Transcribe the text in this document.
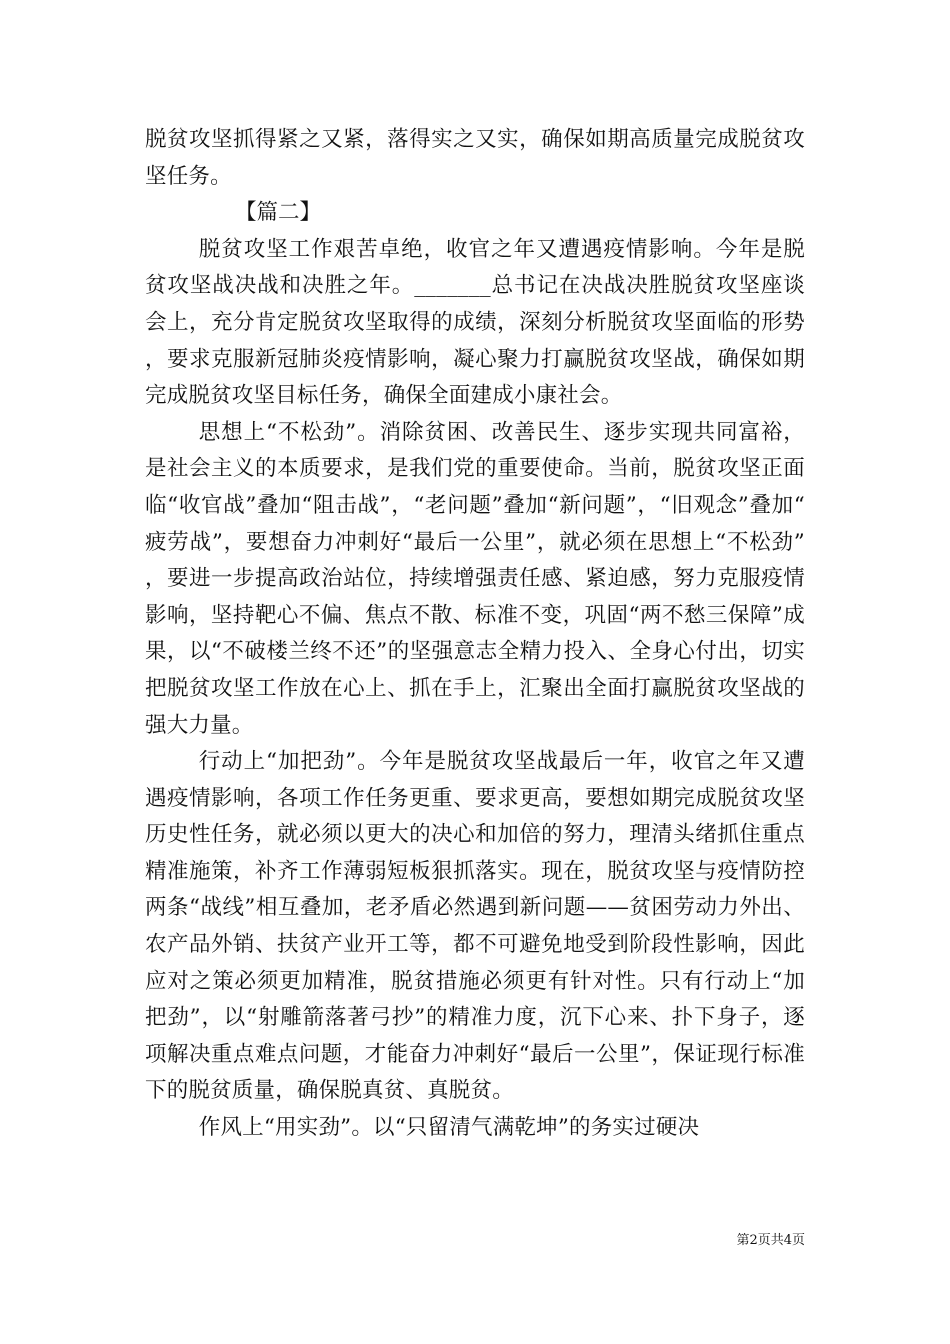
脱贫攻坚抓得紧之又紧，落得实之又实，确保如期高质量完成脱贫攻坚任务。

【篇二】

脱贫攻坚工作艰苦卓绝，收官之年又遭遇疫情影响。今年是脱贫攻坚战决战和决胜之年。_______总书记在决战决胜脱贫攻坚座谈会上，充分肯定脱贫攻坚取得的成绩，深刻分析脱贫攻坚面临的形势，要求克服新冠肺炎疫情影响，凝心聚力打赢脱贫攻坚战，确保如期完成脱贫攻坚目标任务，确保全面建成小康社会。

思想上“不松劲”。消除贫困、改善民生、逐步实现共同富裕，是社会主义的本质要求，是我们党的重要使命。当前，脱贫攻坚正面临“收官战”叠加“阻击战”，“老问题”叠加“新问题”，“旧观念”叠加“疲劳战”，要想奋力冲刺好“最后一公里”，就必须在思想上“不松劲”，要进一步提高政治站位，持续增强责任感、紧迫感，努力克服疫情影响，坚持靶心不偏、焦点不散、标准不变，巩固“两不愁三保障”成果，以“不破楼兰终不还”的坚强意志全精力投入、全身心付出，切实把脱贫攻坚工作放在心上、抓在手上，汇聚出全面打赢脱贫攻坚战的强大力量。

行动上“加把劲”。今年是脱贫攻坚战最后一年，收官之年又遭遇疫情影响，各项工作任务更重、要求更高，要想如期完成脱贫攻坚历史性任务，就必须以更大的决心和加倍的努力，理清头绪抓住重点精准施策，补齐工作薄弱短板狠抓落实。现在，脱贫攻坚与疫情防控两条“战线”相互叠加，老矛盾必然遇到新问题——贫困劳动力外出、农产品外销、扶贫产业开工等，都不可避免地受到阶段性影响，因此应对之策必须更加精准，脱贫措施必须更有针对性。只有行动上“加把劲”，以“射雕箭落著弓抄”的精准力度，沉下心来、扑下身子，逐项解决重点难点问题，才能奋力冲刺好“最后一公里”，保证现行标准下的脱贫质量，确保脱真贫、真脱贫。

作风上“用实劲”。以“只留清气满乾坤”的务实过硬决

第2页共4页
